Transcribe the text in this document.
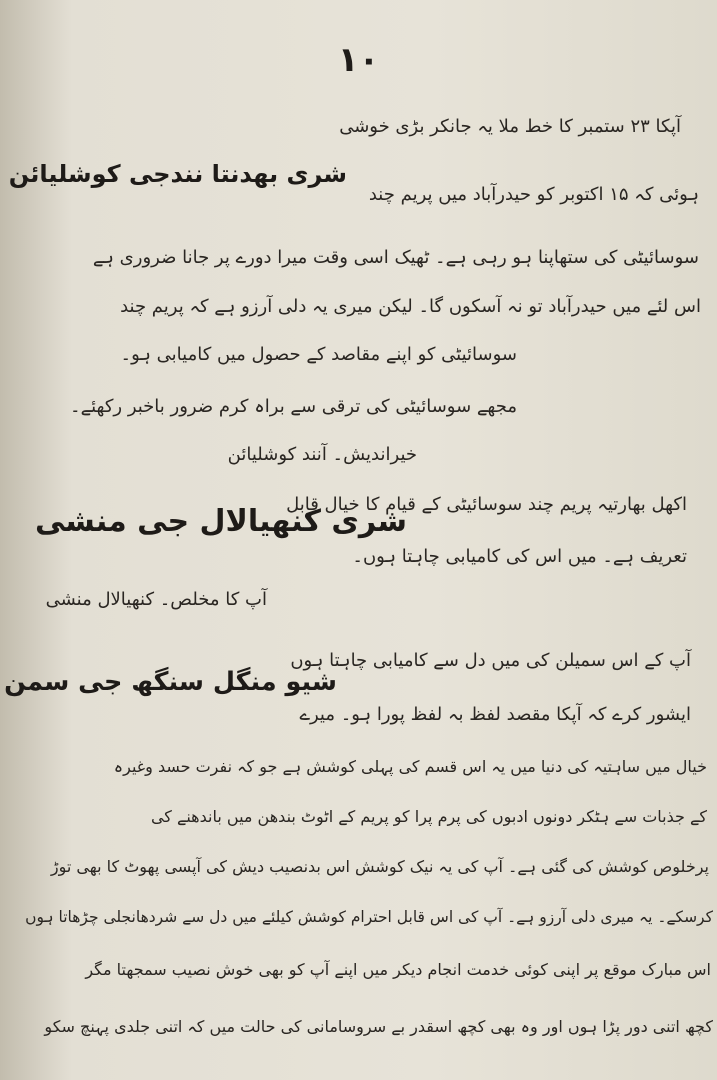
۱۰
آپکا ۲۳ ستمبر کا خط ملا یہ جانکر بڑی خوشی
شری بھدنتا نندجی کوشلیائن
ہوئی کہ ۱۵ اکتوبر کو حیدرآباد میں پریم چند
سوسائیٹی کی ستھاپنا ہو رہی ہے۔ ٹھیک اسی وقت میرا دورے پر جانا ضروری ہے
اس لئے میں حیدرآباد تو نہ آسکوں گا۔ لیکن میری یہ دلی آرزو ہے کہ پریم چند
سوسائیٹی کو اپنے مقاصد کے حصول میں کامیابی ہو۔
مجھے سوسائیٹی کی ترقی سے براہ کرم ضرور باخبر رکھئے۔
خیراندیش۔ آنند کوشلیائن
اکھل بھارتیہ پریم چند سوسائیٹی کے قیام کا خیال قابل
شری کنھیالال جی منشی
تعریف ہے۔ میں اس کی کامیابی چاہتا ہوں۔
آپ کا مخلص۔ کنھیالال منشی
آپ کے اس سمیلن کی میں دل سے کامیابی چاہتا ہوں
شیو منگل سنگھ جی سمن
ایشور کرے کہ آپکا مقصد لفظ بہ لفظ پورا ہو۔ میرے
خیال میں ساہتیہ کی دنیا میں یہ اس قسم کی پہلی کوشش ہے جو کہ نفرت حسد وغیرہ
کے جذبات سے ہٹکر دونوں ادبوں کی پرم پرا کو پریم کے اٹوٹ بندھن میں باندھنے کی
پرخلوص کوشش کی گئی ہے۔ آپ کی یہ نیک کوشش اس بدنصیب دیش کی آپسی پھوٹ کا بھی توڑ
کرسکے۔ یہ میری دلی آرزو ہے۔ آپ کی اس قابل احترام کوشش کیلئے میں دل سے شردھانجلی چڑھاتا ہوں
اس مبارک موقع پر اپنی کوئی خدمت انجام دیکر میں اپنے آپ کو بھی خوش نصیب سمجھتا مگر
کچھ اتنی دور پڑا ہوں اور وہ بھی کچھ اسقدر بے سروسامانی کی حالت میں کہ اتنی جلدی پہنچ سکو
